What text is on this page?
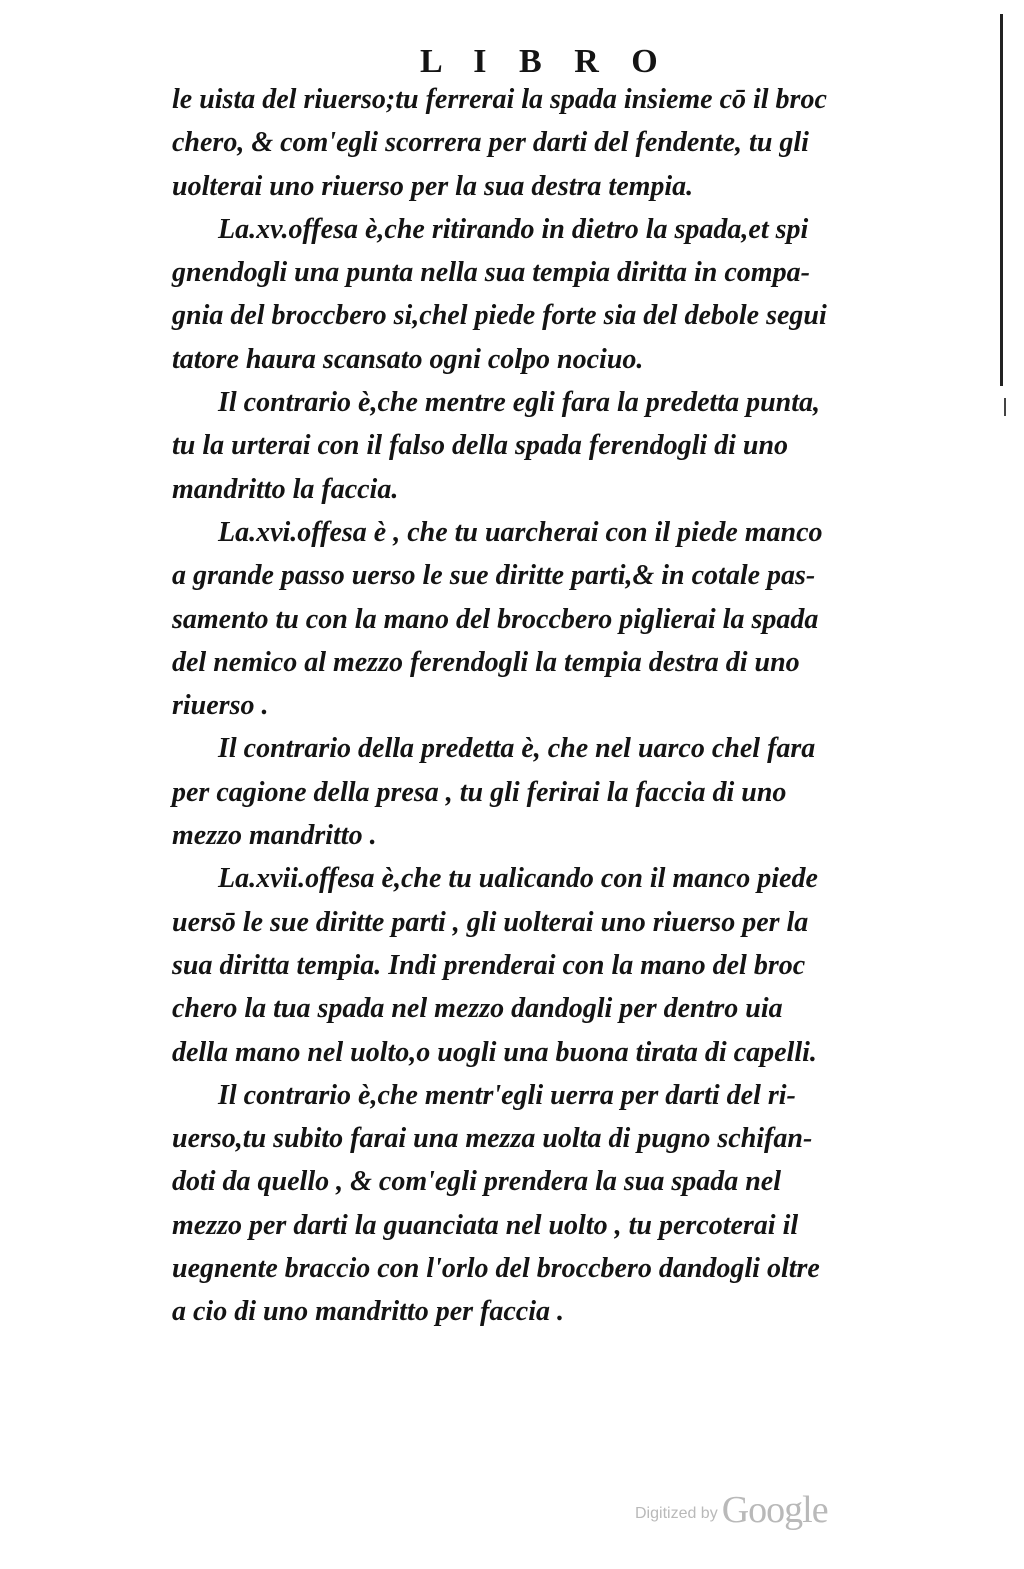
L I B R O
le uista del riuerso;tu ferrerai la spada insieme cō il broc
chero, & com'egli scorrera per darti del fendente, tu gli
uolterai uno riuerso per la sua destra tempia.
La.xv.offesa è,che ritirando in dietro la spada,et spi
gnendogli una punta nella sua tempia diritta in compa-
gnia del broccbero si,chel piede forte sia del debole segui
tatore haura scansato ogni colpo nociuo.
Il contrario è,che mentre egli fara la predetta punta,
tu la urterai con il falso della spada ferendogli di uno
mandritto la faccia.
La.xvi.offesa è , che tu uarcherai con il piede manco
a grande passo uerso le sue diritte parti,& in cotale pas-
samento tu con la mano del broccbero piglierai la spada
del nemico al mezzo ferendogli la tempia destra di uno
riuerso .
Il contrario della predetta è, che nel uarco chel fara
per cagione della presa , tu gli ferirai la faccia di uno
mezzo mandritto .
La.xvii.offesa è,che tu ualicando con il manco piede
uersō le sue diritte parti , gli uolterai uno riuerso per la
sua diritta tempia. Indi prenderai con la mano del broc
chero la tua spada nel mezzo dandogli per dentro uia
della mano nel uolto,o uogli una buona tirata di capelli.
Il contrario è,che mentr'egli uerra per darti del ri-
uerso,tu subito farai una mezza uolta di pugno schifan-
doti da quello , & com'egli prendera la sua spada nel
mezzo per darti la guanciata nel uolto , tu percoterai il
uegnente braccio con l'orlo del broccbero dandogli oltre
a cio di uno mandritto per faccia .
Digitized by Google
